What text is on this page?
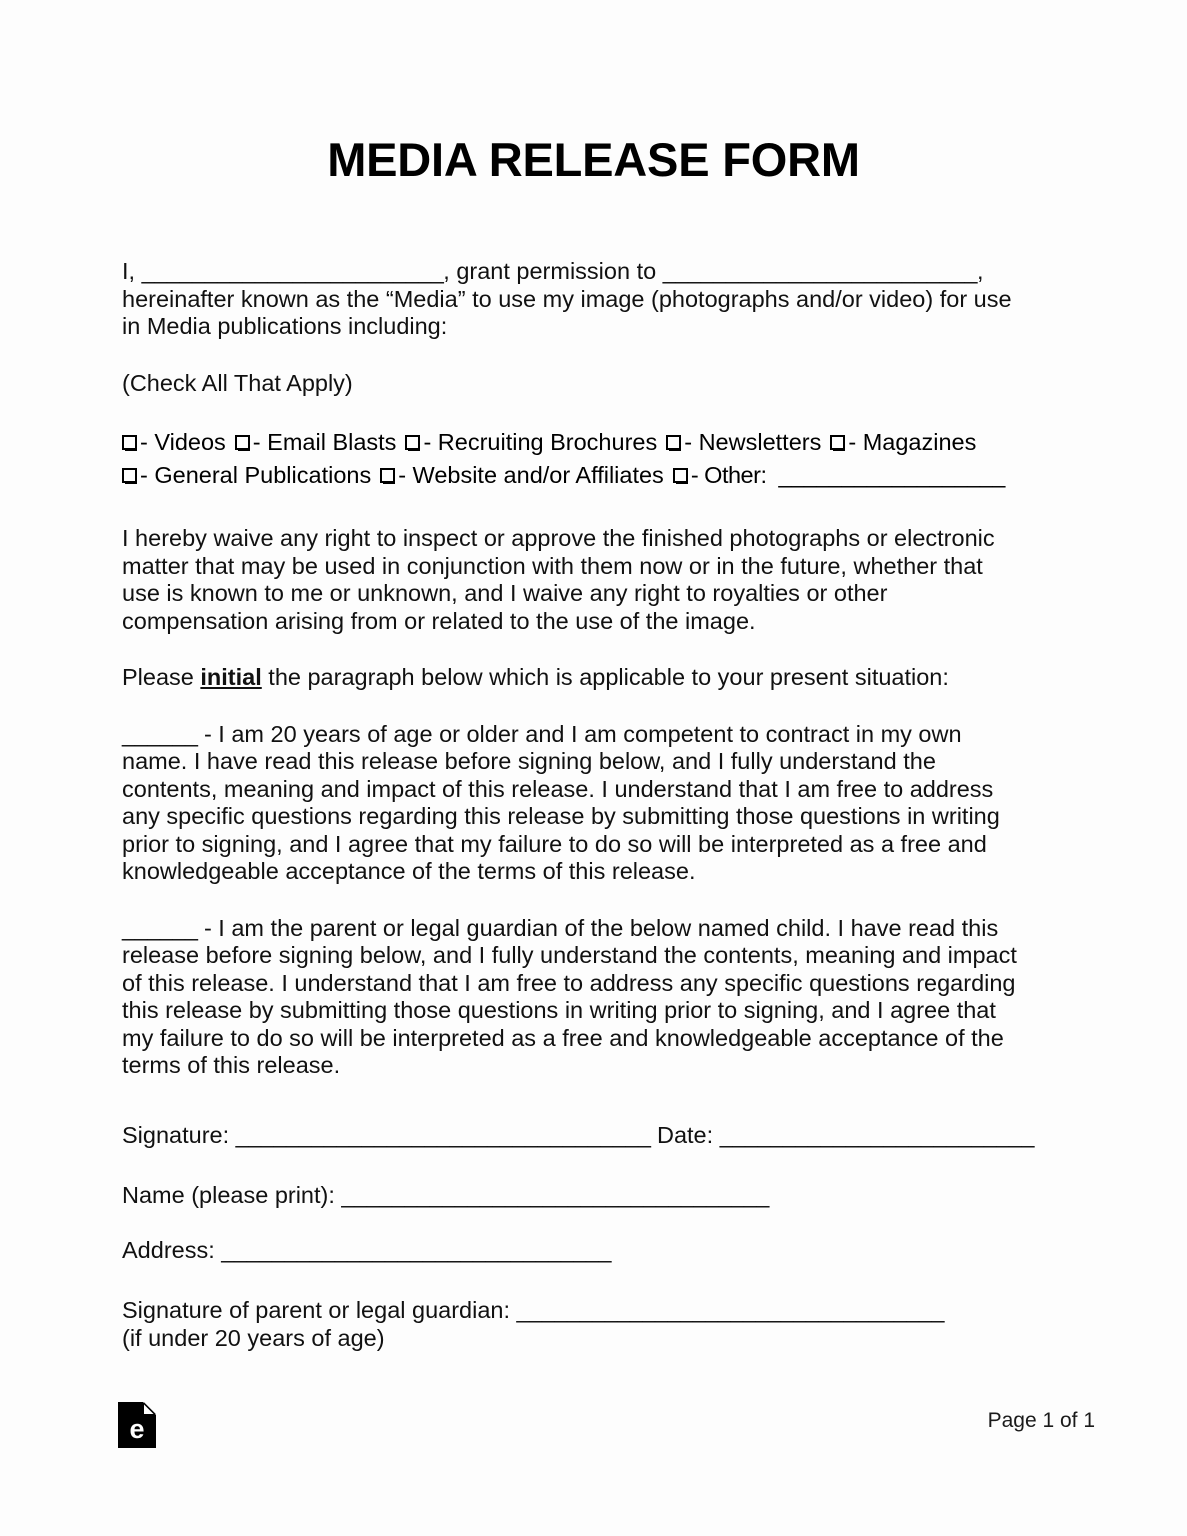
MEDIA RELEASE FORM

I, ________________________, grant permission to _________________________,
hereinafter known as the “Media” to use my image (photographs and/or video) for use
in Media publications including:

(Check All That Apply)

- Videos - Email Blasts - Recruiting Brochures - Newsletters - Magazines
- General Publications - Website and/or Affiliates - Other:  __________________

I hereby waive any right to inspect or approve the finished photographs or electronic matter that may be used in conjunction with them now or in the future, whether that use is known to me or unknown, and I waive any right to royalties or other compensation arising from or related to the use of the image.

Please initial the paragraph below which is applicable to your present situation:

______ - I am 20 years of age or older and I am competent to contract in my own name. I have read this release before signing below, and I fully understand the contents, meaning and impact of this release. I understand that I am free to address any specific questions regarding this release by submitting those questions in writing prior to signing, and I agree that my failure to do so will be interpreted as a free and knowledgeable acceptance of the terms of this release.

______ - I am the parent or legal guardian of the below named child. I have read this release before signing below, and I fully understand the contents, meaning and impact of this release. I understand that I am free to address any specific questions regarding this release by submitting those questions in writing prior to signing, and I agree that my failure to do so will be interpreted as a free and knowledgeable acceptance of the terms of this release.

Signature: _________________________________ Date: _________________________

Name (please print): __________________________________

Address: _______________________________

Signature of parent or legal guardian: __________________________________

(if under 20 years of age)

e	Page 1 of 1
